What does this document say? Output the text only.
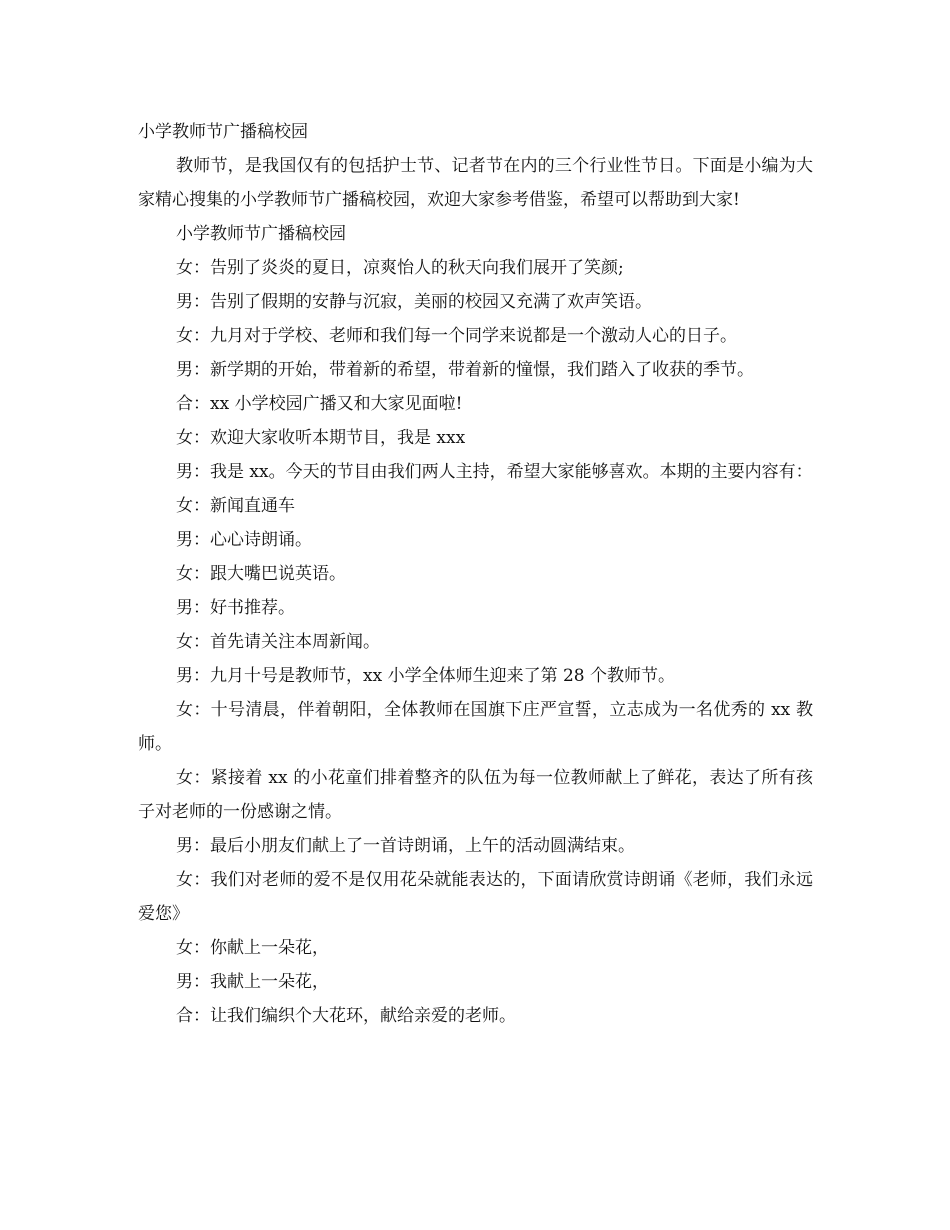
小学教师节广播稿校园

教师节，是我国仅有的包括护士节、记者节在内的三个行业性节日。下面是小编为大家精心搜集的小学教师节广播稿校园，欢迎大家参考借鉴，希望可以帮助到大家!

小学教师节广播稿校园

女：告别了炎炎的夏日，凉爽怡人的秋天向我们展开了笑颜;

男：告别了假期的安静与沉寂，美丽的校园又充满了欢声笑语。

女：九月对于学校、老师和我们每一个同学来说都是一个激动人心的日子。

男：新学期的开始，带着新的希望，带着新的憧憬，我们踏入了收获的季节。

合：xx 小学校园广播又和大家见面啦!

女：欢迎大家收听本期节目，我是 xxx

男：我是 xx。今天的节目由我们两人主持，希望大家能够喜欢。本期的主要内容有：

女：新闻直通车

男：心心诗朗诵。

女：跟大嘴巴说英语。

男：好书推荐。

女：首先请关注本周新闻。

男：九月十号是教师节，xx 小学全体师生迎来了第 28 个教师节。

女：十号清晨，伴着朝阳，全体教师在国旗下庄严宣誓，立志成为一名优秀的 xx 教师。

女：紧接着 xx 的小花童们排着整齐的队伍为每一位教师献上了鲜花，表达了所有孩子对老师的一份感谢之情。

男：最后小朋友们献上了一首诗朗诵，上午的活动圆满结束。

女：我们对老师的爱不是仅用花朵就能表达的，下面请欣赏诗朗诵《老师，我们永远爱您》

女：你献上一朵花，

男：我献上一朵花，

合：让我们编织个大花环，献给亲爱的老师。
